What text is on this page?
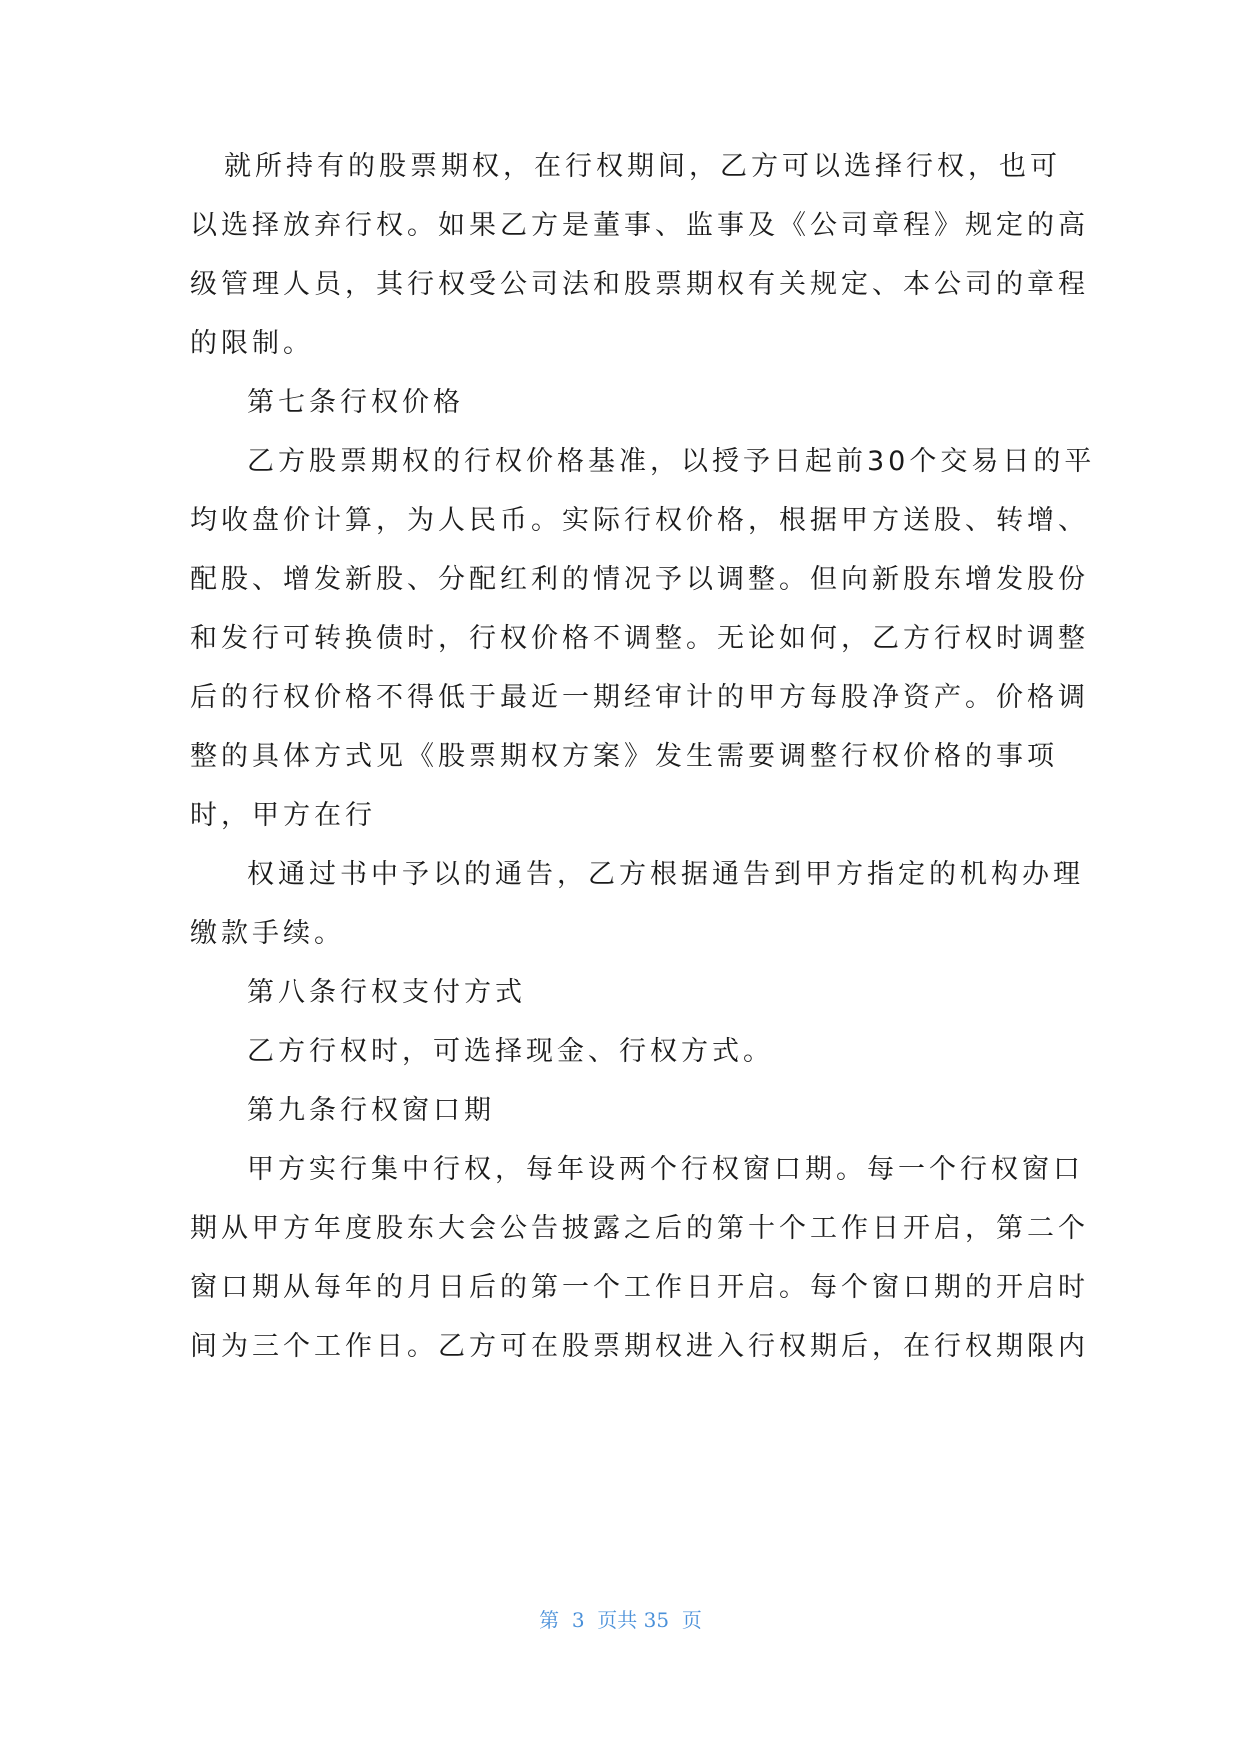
就所持有的股票期权，在行权期间，乙方可以选择行权，也可
以选择放弃行权。如果乙方是董事、监事及《公司章程》规定的高
级管理人员，其行权受公司法和股票期权有关规定、本公司的章程
的限制。
第七条行权价格
乙方股票期权的行权价格基准，以授予日起前30个交易日的平
均收盘价计算，为人民币。实际行权价格，根据甲方送股、转增、
配股、增发新股、分配红利的情况予以调整。但向新股东增发股份
和发行可转换债时，行权价格不调整。无论如何，乙方行权时调整
后的行权价格不得低于最近一期经审计的甲方每股净资产。价格调
整的具体方式见《股票期权方案》发生需要调整行权价格的事项
时，甲方在行
权通过书中予以的通告，乙方根据通告到甲方指定的机构办理
缴款手续。
第八条行权支付方式
乙方行权时，可选择现金、行权方式。
第九条行权窗口期
甲方实行集中行权，每年设两个行权窗口期。每一个行权窗口
期从甲方年度股东大会公告披露之后的第十个工作日开启，第二个
窗口期从每年的月日后的第一个工作日开启。每个窗口期的开启时
间为三个工作日。乙方可在股票期权进入行权期后，在行权期限内
第  3  页共 35  页
